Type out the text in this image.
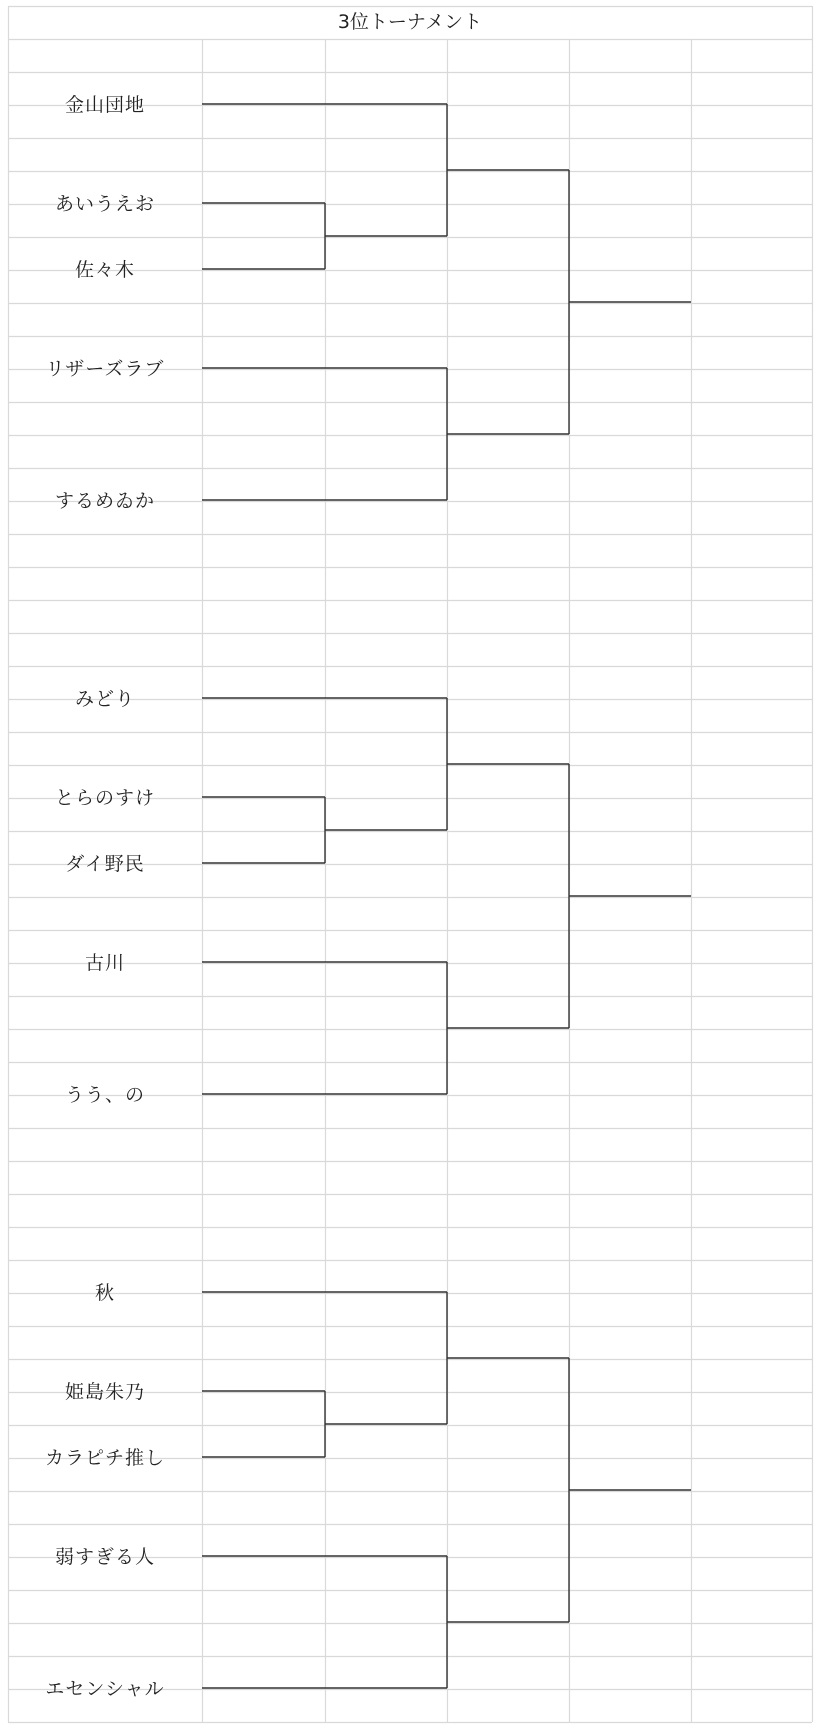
3位トーナメント
金山団地
あいうえお
佐々木
リザーズラブ
するめゐか
みどり
とらのすけ
ダイ野民
古川
うう、の
秋
姫島朱乃
カラピチ推し
弱すぎる人
エセンシャル
